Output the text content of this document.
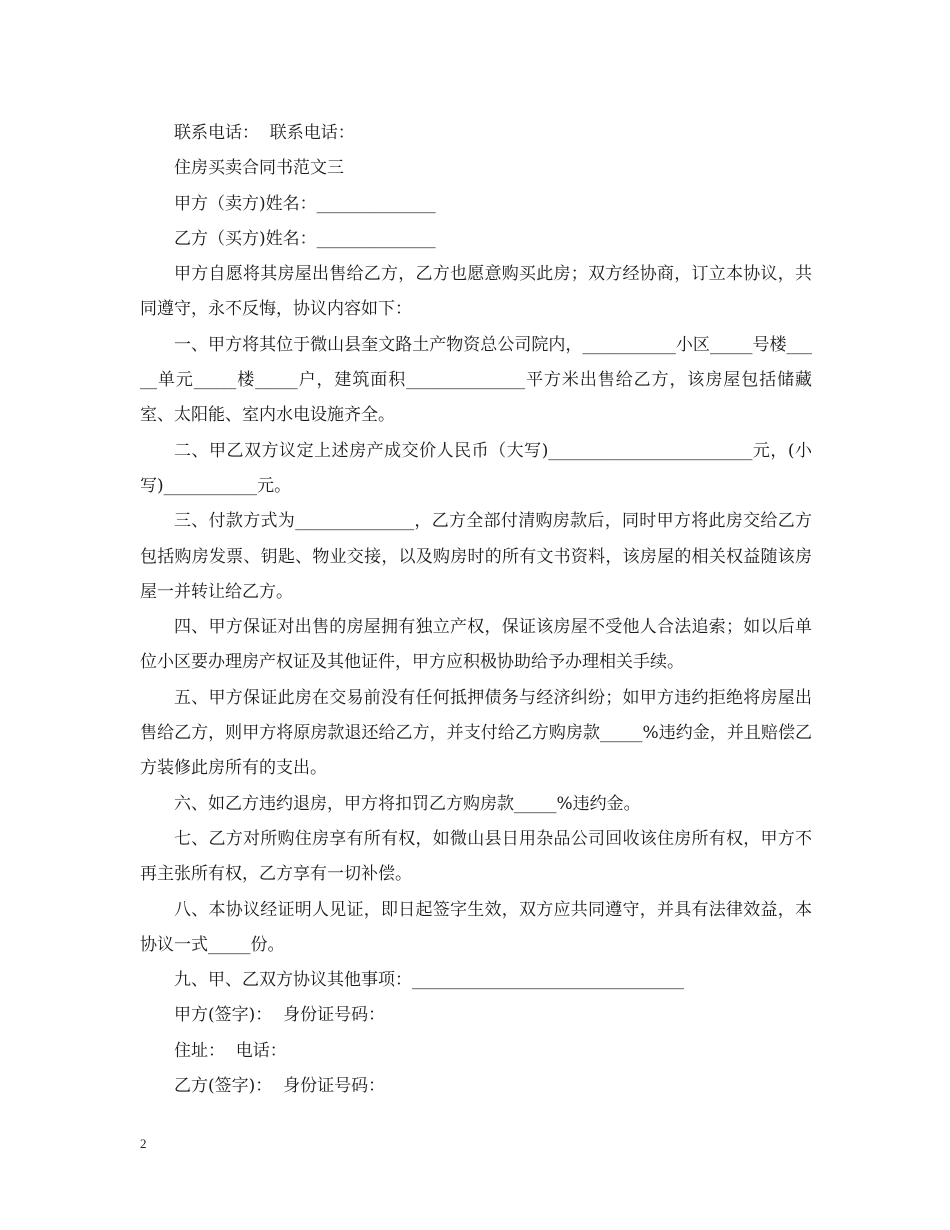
联系电话：  联系电话：

住房买卖合同书范文三

甲方（卖方)姓名：______________

乙方（买方)姓名：______________

甲方自愿将其房屋出售给乙方，乙方也愿意购买此房；双方经协商，订立本协议，共同遵守，永不反悔，协议内容如下：

一、甲方将其位于微山县奎文路土产物资总公司院内，___________小区_____号楼_____单元_____楼_____户，建筑面积______________平方米出售给乙方，该房屋包括储藏室、太阳能、室内水电设施齐全。

二、甲乙双方议定上述房产成交价人民币（大写)________________________元，(小写)___________元。

三、付款方式为______________，乙方全部付清购房款后，同时甲方将此房交给乙方包括购房发票、钥匙、物业交接，以及购房时的所有文书资料，该房屋的相关权益随该房屋一并转让给乙方。

四、甲方保证对出售的房屋拥有独立产权，保证该房屋不受他人合法追索；如以后单位小区要办理房产权证及其他证件，甲方应积极协助给予办理相关手续。

五、甲方保证此房在交易前没有任何抵押债务与经济纠纷；如甲方违约拒绝将房屋出售给乙方，则甲方将原房款退还给乙方，并支付给乙方购房款_____%违约金，并且赔偿乙方装修此房所有的支出。

六、如乙方违约退房，甲方将扣罚乙方购房款_____%违约金。

七、乙方对所购住房享有所有权，如微山县日用杂品公司回收该住房所有权，甲方不再主张所有权，乙方享有一切补偿。

八、本协议经证明人见证，即日起签字生效，双方应共同遵守，并具有法律效益，本协议一式_____份。

九、甲、乙双方协议其他事项：________________________________

甲方(签字)：  身份证号码：

住址：  电话：

乙方(签字)：  身份证号码：

2
